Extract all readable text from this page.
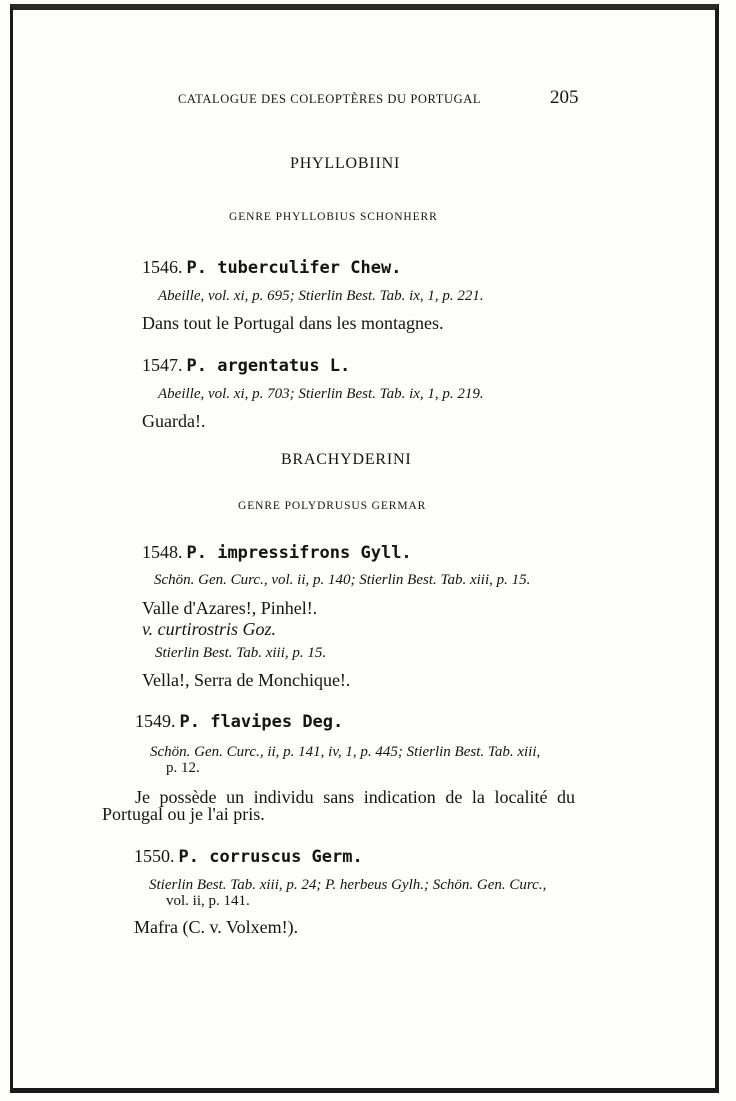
CATALOGUE DES COLEOPTÈRES DU PORTUGAL	205
PHYLLOBIINI
GENRE PHYLLOBIUS SCHONHERR
1546. P. tuberculifer Chew.
Abeille, vol. xi, p. 695; Stierlin Best. Tab. ix, 1, p. 221.
Dans tout le Portugal dans les montagnes.
1547. P. argentatus L.
Abeille, vol. xi, p. 703; Stierlin Best. Tab. ix, 1, p. 219.
Guarda!.
BRACHYDERINI
GENRE POLYDRUSUS GERMAR
1548. P. impressifrons Gyll.
Schön. Gen. Curc., vol. ii, p. 140; Stierlin Best. Tab. xiii, p. 15.
Valle d'Azares!, Pinhel!.
v. curtirostris Goz.
Stierlin Best. Tab. xiii, p. 15.
Vella!, Serra de Monchique!.
1549. P. flavipes Deg.
Schön. Gen. Curc., ii, p. 141, iv, 1, p. 445; Stierlin Best. Tab. xiii,
p. 12.
Je possède un individu sans indication de la localité du
Portugal ou je l'ai pris.
1550. P. corruscus Germ.
Stierlin Best. Tab. xiii, p. 24; P. herbeus Gylh.; Schön. Gen. Curc.,
vol. ii, p. 141.
Mafra (C. v. Volxem!).
